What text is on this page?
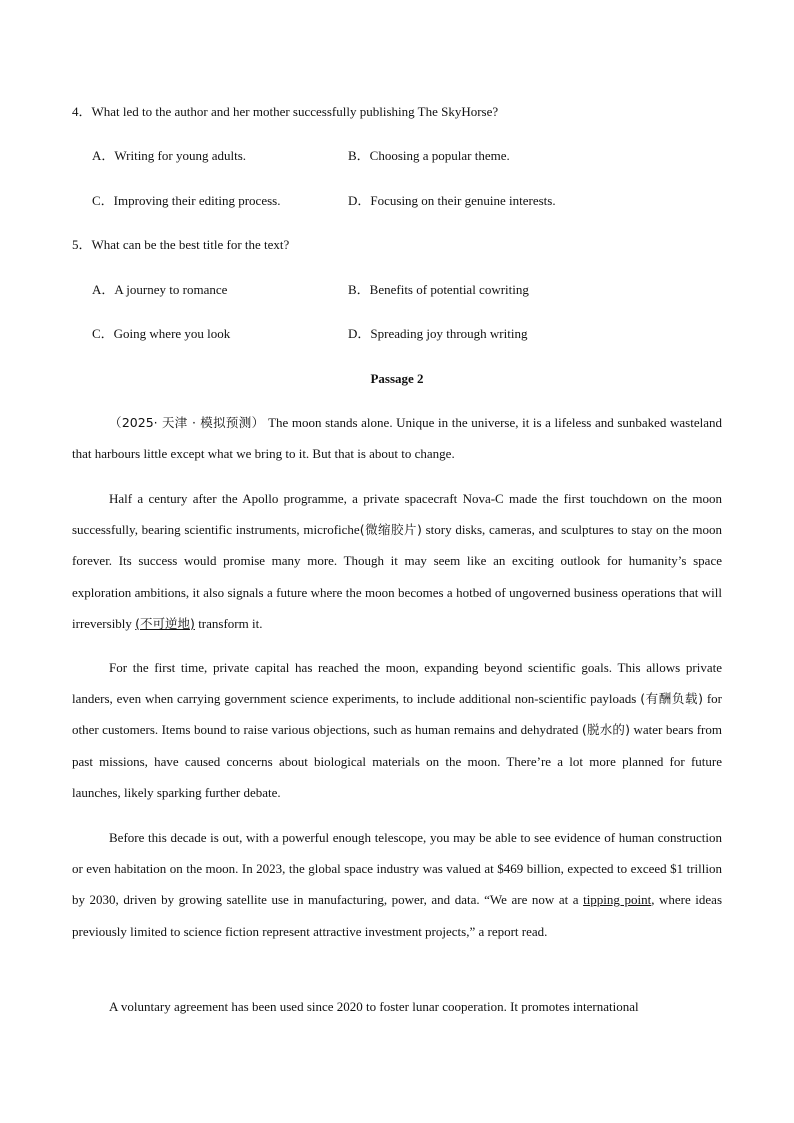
4．What led to the author and her mother successfully publishing The SkyHorse?
A．Writing for young adults.	B．Choosing a popular theme.
C．Improving their editing process.	D．Focusing on their genuine interests.
5．What can be the best title for the text?
A．A journey to romance	B．Benefits of potential cowriting
C．Going where you look	D．Spreading joy through writing
Passage 2
（2025· 天津 · 模拟预测） The moon stands alone. Unique in the universe, it is a lifeless and sunbaked wasteland that harbours little except what we bring to it. But that is about to change.
Half a century after the Apollo programme, a private spacecraft Nova-C made the first touchdown on the moon successfully, bearing scientific instruments, microfiche(微缩胶片) story disks, cameras, and sculptures to stay on the moon forever. Its success would promise many more. Though it may seem like an exciting outlook for humanity’s space exploration ambitions, it also signals a future where the moon becomes a hotbed of ungoverned business operations that will irreversibly (不可逆地) transform it.
For the first time, private capital has reached the moon, expanding beyond scientific goals. This allows private landers, even when carrying government science experiments, to include additional non-scientific payloads (有酬负载) for other customers. Items bound to raise various objections, such as human remains and dehydrated (脱水的) water bears from past missions, have caused concerns about biological materials on the moon. There’re a lot more planned for future launches, likely sparking further debate.
Before this decade is out, with a powerful enough telescope, you may be able to see evidence of human construction or even habitation on the moon. In 2023, the global space industry was valued at $469 billion, expected to exceed $1 trillion by 2030, driven by growing satellite use in manufacturing, power, and data. “We are now at a tipping point, where ideas previously limited to science fiction represent attractive investment projects,” a report read.
A voluntary agreement has been used since 2020 to foster lunar cooperation. It promotes international
